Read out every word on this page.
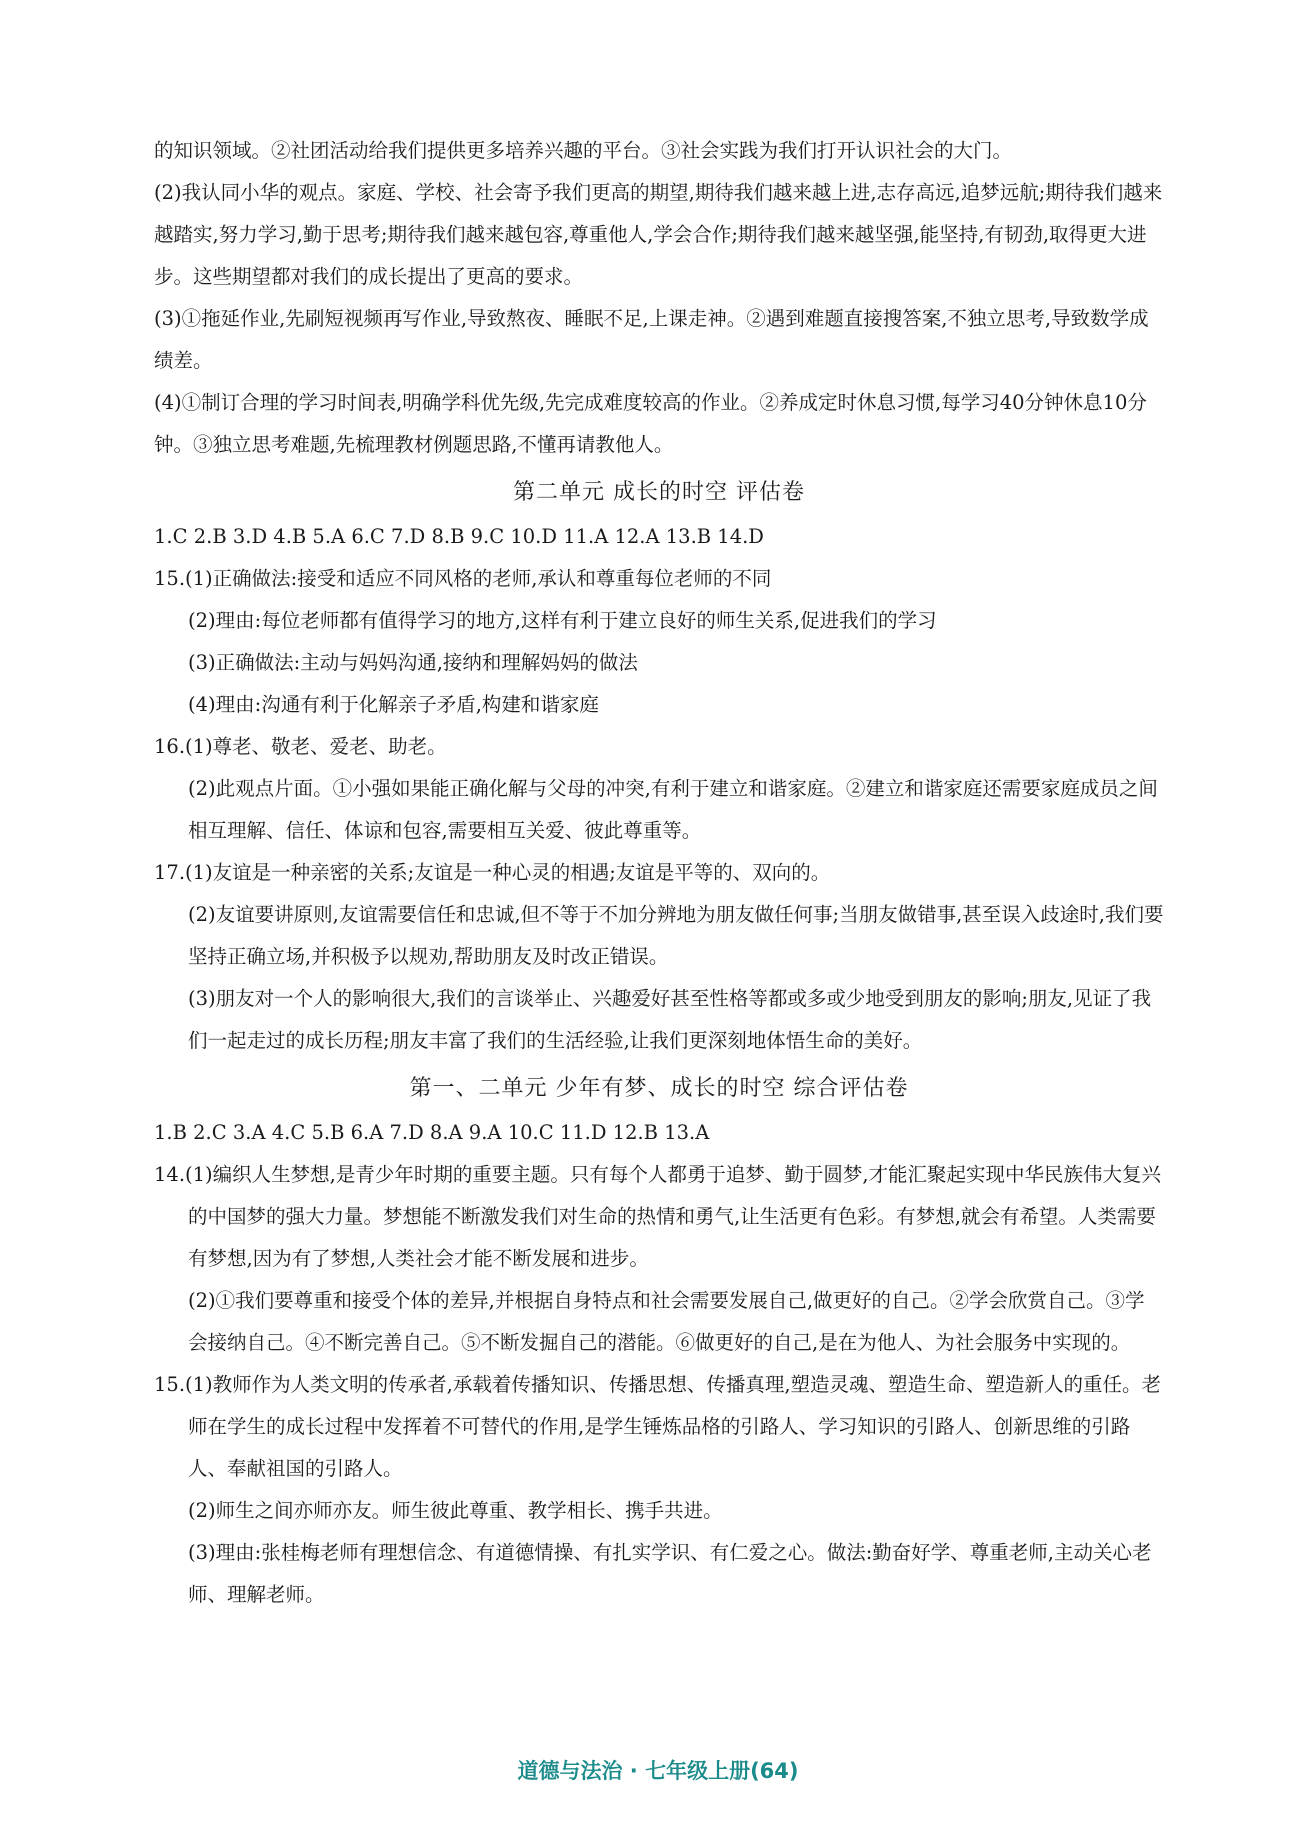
的知识领域。②社团活动给我们提供更多培养兴趣的平台。③社会实践为我们打开认识社会的大门。

(2)我认同小华的观点。家庭、学校、社会寄予我们更高的期望,期待我们越来越上进,志存高远,追梦远航;期待我们越来越踏实,努力学习,勤于思考;期待我们越来越包容,尊重他人,学会合作;期待我们越来越坚强,能坚持,有韧劲,取得更大进步。这些期望都对我们的成长提出了更高的要求。

(3)①拖延作业,先刷短视频再写作业,导致熬夜、睡眠不足,上课走神。②遇到难题直接搜答案,不独立思考,导致数学成绩差。

(4)①制订合理的学习时间表,明确学科优先级,先完成难度较高的作业。②养成定时休息习惯,每学习40分钟休息10分钟。③独立思考难题,先梳理教材例题思路,不懂再请教他人。

第二单元 成长的时空 评估卷

1.C 2.B 3.D 4.B 5.A 6.C 7.D 8.B 9.C 10.D 11.A 12.A 13.B 14.D

15.(1)正确做法:接受和适应不同风格的老师,承认和尊重每位老师的不同

(2)理由:每位老师都有值得学习的地方,这样有利于建立良好的师生关系,促进我们的学习

(3)正确做法:主动与妈妈沟通,接纳和理解妈妈的做法

(4)理由:沟通有利于化解亲子矛盾,构建和谐家庭

16.(1)尊老、敬老、爱老、助老。

(2)此观点片面。①小强如果能正确化解与父母的冲突,有利于建立和谐家庭。②建立和谐家庭还需要家庭成员之间相互理解、信任、体谅和包容,需要相互关爱、彼此尊重等。

17.(1)友谊是一种亲密的关系;友谊是一种心灵的相遇;友谊是平等的、双向的。

(2)友谊要讲原则,友谊需要信任和忠诚,但不等于不加分辨地为朋友做任何事;当朋友做错事,甚至误入歧途时,我们要坚持正确立场,并积极予以规劝,帮助朋友及时改正错误。

(3)朋友对一个人的影响很大,我们的言谈举止、兴趣爱好甚至性格等都或多或少地受到朋友的影响;朋友,见证了我们一起走过的成长历程;朋友丰富了我们的生活经验,让我们更深刻地体悟生命的美好。

第一、二单元 少年有梦、成长的时空 综合评估卷

1.B 2.C 3.A 4.C 5.B 6.A 7.D 8.A 9.A 10.C 11.D 12.B 13.A

14.(1)编织人生梦想,是青少年时期的重要主题。只有每个人都勇于追梦、勤于圆梦,才能汇聚起实现中华民族伟大复兴的中国梦的强大力量。梦想能不断激发我们对生命的热情和勇气,让生活更有色彩。有梦想,就会有希望。人类需要有梦想,因为有了梦想,人类社会才能不断发展和进步。

(2)①我们要尊重和接受个体的差异,并根据自身特点和社会需要发展自己,做更好的自己。②学会欣赏自己。③学会接纳自己。④不断完善自己。⑤不断发掘自己的潜能。⑥做更好的自己,是在为他人、为社会服务中实现的。

15.(1)教师作为人类文明的传承者,承载着传播知识、传播思想、传播真理,塑造灵魂、塑造生命、塑造新人的重任。老师在学生的成长过程中发挥着不可替代的作用,是学生锤炼品格的引路人、学习知识的引路人、创新思维的引路人、奉献祖国的引路人。

(2)师生之间亦师亦友。师生彼此尊重、教学相长、携手共进。

(3)理由:张桂梅老师有理想信念、有道德情操、有扎实学识、有仁爱之心。做法:勤奋好学、尊重老师,主动关心老师、理解老师。

道德与法治 · 七年级上册(64)
